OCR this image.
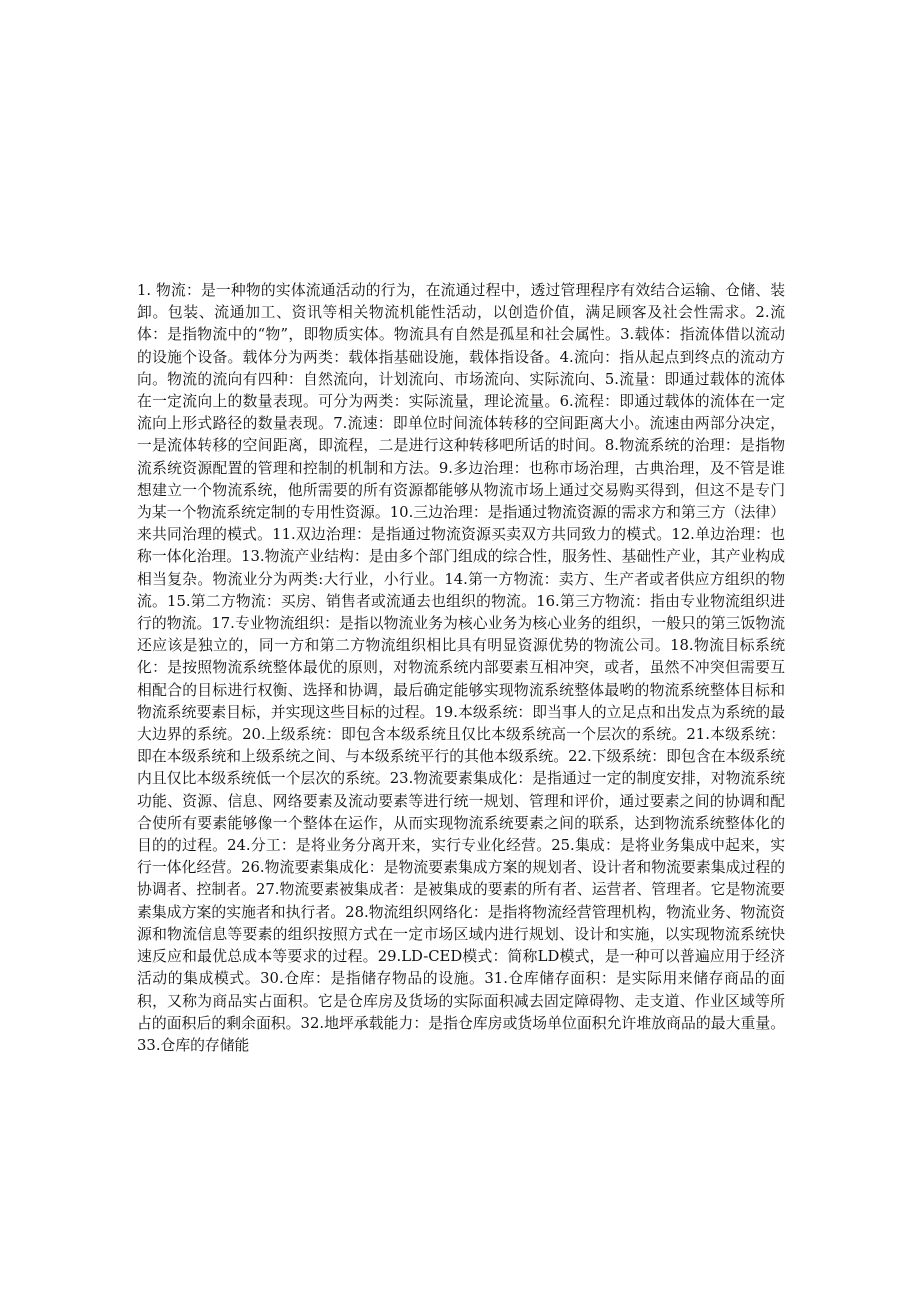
1. 物流：是一种物的实体流通活动的行为，在流通过程中，透过管理程序有效结合运输、仓储、装卸。包装、流通加工、资讯等相关物流机能性活动，以创造价值，满足顾客及社会性需求。2.流体：是指物流中的“物”，即物质实体。物流具有自然是孤星和社会属性。3.载体：指流体借以流动的设施个设备。载体分为两类：载体指基础设施，载体指设备。4.流向：指从起点到终点的流动方向。物流的流向有四种：自然流向，计划流向、市场流向、实际流向、5.流量：即通过载体的流体在一定流向上的数量表现。可分为两类：实际流量，理论流量。6.流程：即通过载体的流体在一定流向上形式路径的数量表现。7.流速：即单位时间流体转移的空间距离大小。流速由两部分决定，一是流体转移的空间距离，即流程，二是进行这种转移吧所话的时间。8.物流系统的治理：是指物流系统资源配置的管理和控制的机制和方法。9.多边治理：也称市场治理，古典治理，及不管是谁想建立一个物流系统，他所需要的所有资源都能够从物流市场上通过交易购买得到，但这不是专门为某一个物流系统定制的专用性资源。10.三边治理：是指通过物流资源的需求方和第三方（法律）来共同治理的模式。11.双边治理：是指通过物流资源买卖双方共同致力的模式。12.单边治理：也称一体化治理。13.物流产业结构：是由多个部门组成的综合性，服务性、基础性产业，其产业构成相当复杂。物流业分为两类:大行业，小行业。14.第一方物流：卖方、生产者或者供应方组织的物流。15.第二方物流：买房、销售者或流通去也组织的物流。16.第三方物流：指由专业物流组织进行的物流。17.专业物流组织：是指以物流业务为核心业务为核心业务的组织，一般只的第三饭物流还应该是独立的，同一方和第二方物流组织相比具有明显资源优势的物流公司。18.物流目标系统化：是按照物流系统整体最优的原则，对物流系统内部要素互相冲突，或者，虽然不冲突但需要互相配合的目标进行权衡、选择和协调，最后确定能够实现物流系统整体最哟的物流系统整体目标和物流系统要素目标，并实现这些目标的过程。19.本级系统：即当事人的立足点和出发点为系统的最大边界的系统。20.上级系统：即包含本级系统且仅比本级系统高一个层次的系统。21.本级系统：即在本级系统和上级系统之间、与本级系统平行的其他本级系统。22.下级系统：即包含在本级系统内且仅比本级系统低一个层次的系统。23.物流要素集成化：是指通过一定的制度安排，对物流系统功能、资源、信息、网络要素及流动要素等进行统一规划、管理和评价，通过要素之间的协调和配合使所有要素能够像一个整体在运作，从而实现物流系统要素之间的联系，达到物流系统整体化的目的的过程。24.分工：是将业务分离开来，实行专业化经营。25.集成：是将业务集成中起来，实行一体化经营。26.物流要素集成化：是物流要素集成方案的规划者、设计者和物流要素集成过程的协调者、控制者。27.物流要素被集成者：是被集成的要素的所有者、运营者、管理者。它是物流要素集成方案的实施者和执行者。28.物流组织网络化：是指将物流经营管理机构，物流业务、物流资源和物流信息等要素的组织按照方式在一定市场区域内进行规划、设计和实施，以实现物流系统快速反应和最优总成本等要求的过程。29.LD-CED模式：简称LD模式，是一种可以普遍应用于经济活动的集成模式。30.仓库：是指储存物品的设施。31.仓库储存面积：是实际用来储存商品的面积，又称为商品实占面积。它是仓库房及货场的实际面积减去固定障碍物、走支道、作业区域等所占的面积后的剩余面积。32.地坪承载能力：是指仓库房或货场单位面积允许堆放商品的最大重量。33.仓库的存储能
